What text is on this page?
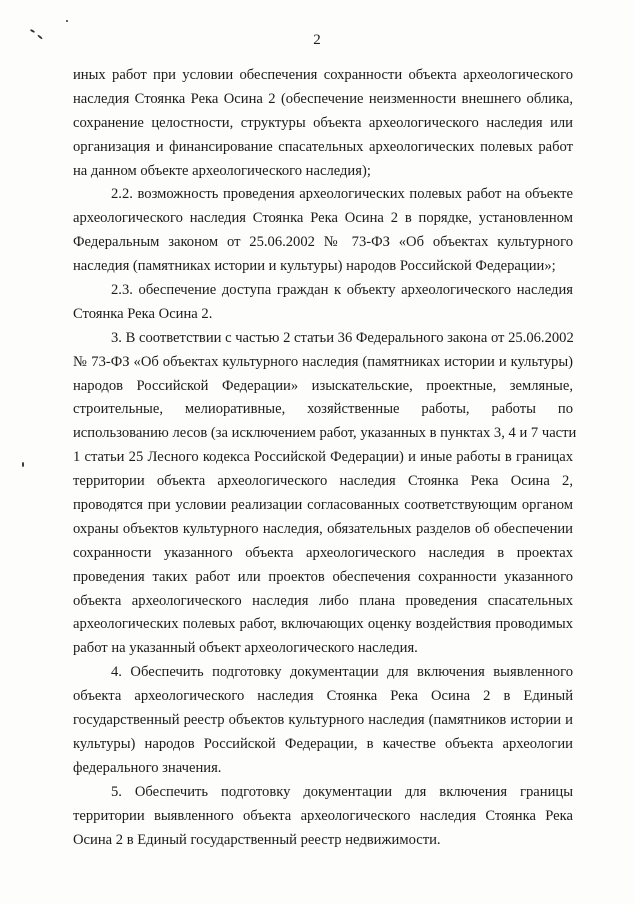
2
иных работ при условии обеспечения сохранности объекта археологического
наследия Стоянка Река Осина 2 (обеспечение неизменности внешнего облика,
сохранение целостности, структуры объекта археологического наследия или
организация и финансирование спасательных археологических полевых работ
на данном объекте археологического наследия);
2.2. возможность проведения археологических полевых работ на объекте
археологического наследия Стоянка Река Осина 2 в порядке, установленном
Федеральным законом от 25.06.2002 № 73-ФЗ «Об объектах культурного
наследия (памятниках истории и культуры) народов Российской Федерации»;
2.3. обеспечение доступа граждан к объекту археологического наследия
Стоянка Река Осина 2.
3. В соответствии с частью 2 статьи 36 Федерального закона от 25.06.2002
№ 73-ФЗ «Об объектах культурного наследия (памятниках истории и культуры)
народов Российской Федерации» изыскательские, проектные, земляные,
строительные, мелиоративные, хозяйственные работы, работы по
использованию лесов (за исключением работ, указанных в пунктах 3, 4 и 7 части
1 статьи 25 Лесного кодекса Российской Федерации) и иные работы в границах
территории объекта археологического наследия Стоянка Река Осина 2,
проводятся при условии реализации согласованных соответствующим органом
охраны объектов культурного наследия, обязательных разделов об обеспечении
сохранности указанного объекта археологического наследия в проектах
проведения таких работ или проектов обеспечения сохранности указанного
объекта археологического наследия либо плана проведения спасательных
археологических полевых работ, включающих оценку воздействия проводимых
работ на указанный объект археологического наследия.
4. Обеспечить подготовку документации для включения выявленного
объекта археологического наследия Стоянка Река Осина 2 в Единый
государственный реестр объектов культурного наследия (памятников истории и
культуры) народов Российской Федерации, в качестве объекта археологии
федерального значения.
5. Обеспечить подготовку документации для включения границы
территории выявленного объекта археологического наследия Стоянка Река
Осина 2 в Единый государственный реестр недвижимости.
